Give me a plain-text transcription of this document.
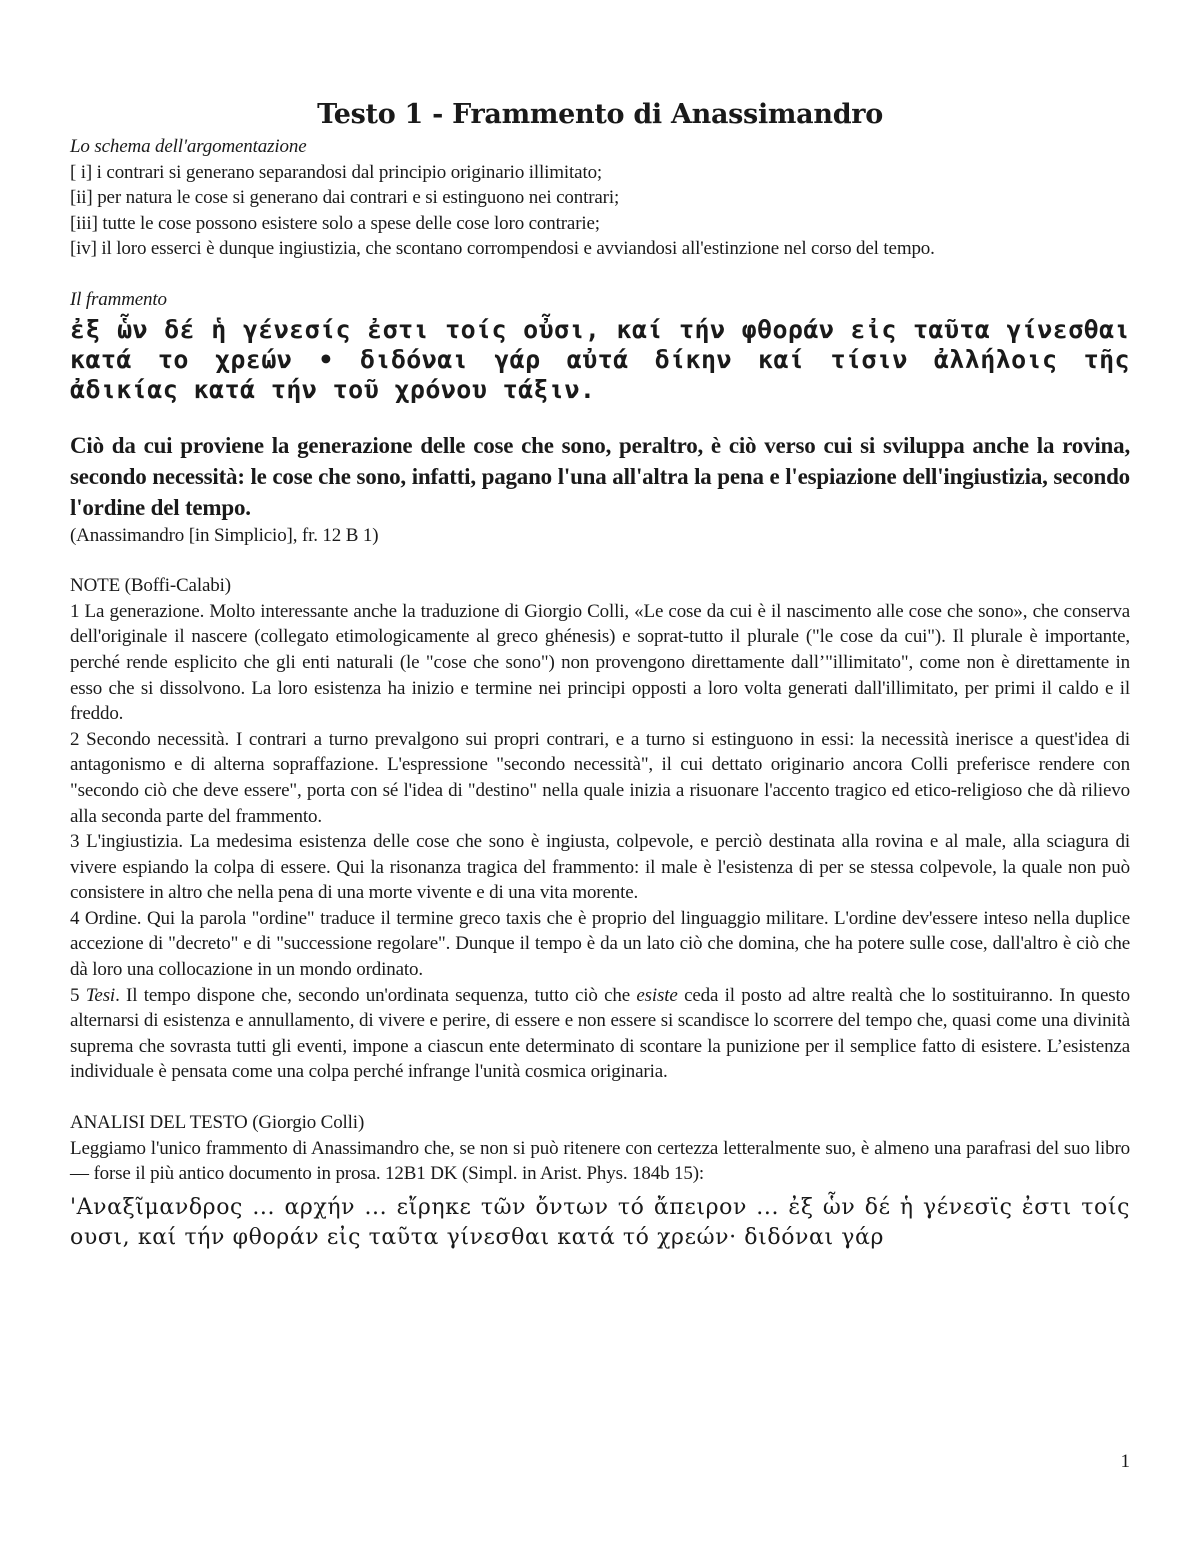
Testo 1 - Frammento di Anassimandro

Lo schema dell'argomentazione

[ i] i contrari si generano separandosi dal principio originario illimitato;

[ii] per natura le cose si generano dai contrari e si estinguono nei contrari;

[iii] tutte le cose possono esistere solo a spese delle cose loro contrarie;

[iv] il loro esserci è dunque ingiustizia, che scontano corrompendosi e avviandosi all'estinzione nel corso del tempo.

Il frammento

ἐξ ὧν δέ ἡ γένεσίς ἐστι τοίς οὖσι, καί τήν φθοράν εἰς ταῦτα γίνεσθαι κατά το χρεών • διδόναι γάρ αὐτά δίκην καί τίσιν ἀλλήλοις τῆς ἀδικίας κατά τήν τοῦ χρόνου τάξιν.

Ciò da cui proviene la generazione delle cose che sono, peraltro, è ciò verso cui si sviluppa anche la rovina, secondo necessità: le cose che sono, infatti, pagano l'una all'altra la pena e l'espiazione dell'ingiustizia, secondo l'ordine del tempo.

(Anassimandro [in Simplicio], fr. 12 B 1)

NOTE (Boffi-Calabi)

1 La generazione. Molto interessante anche la traduzione di Giorgio Colli, «Le cose da cui è il nascimento alle cose che sono», che conserva dell'originale il nascere (collegato etimologicamente al greco ghénesis) e soprat-tutto il plurale ("le cose da cui"). Il plurale è importante, perché rende esplicito che gli enti naturali (le "cose che sono") non provengono direttamente dall’"illimitato", come non è direttamente in esso che si dissolvono. La loro esistenza ha inizio e termine nei principi opposti a loro volta generati dall'illimitato, per primi il caldo e il freddo.

2 Secondo necessità. I contrari a turno prevalgono sui propri contrari, e a turno si estinguono in essi: la necessità inerisce a quest'idea di antagonismo e di alterna sopraffazione. L'espressione "secondo necessità", il cui dettato originario ancora Colli preferisce rendere con "secondo ciò che deve essere", porta con sé l'idea di "destino" nella quale inizia a risuonare l'accento tragico ed etico-religioso che dà rilievo alla seconda parte del frammento.

3 L'ingiustizia. La medesima esistenza delle cose che sono è ingiusta, colpevole, e perciò destinata alla rovina e al male, alla sciagura di vivere espiando la colpa di essere. Qui la risonanza tragica del frammento: il male è l'esistenza di per se stessa colpevole, la quale non può consistere in altro che nella pena di una morte vivente e di una vita morente.

4 Ordine. Qui la parola "ordine" traduce il termine greco taxis che è proprio del linguaggio militare. L'ordine dev'essere inteso nella duplice accezione di "decreto" e di "successione regolare". Dunque il tempo è da un lato ciò che domina, che ha potere sulle cose, dall'altro è ciò che dà loro una collocazione in un mondo ordinato.

5 Tesi. Il tempo dispone che, secondo un'ordinata sequenza, tutto ciò che esiste ceda il posto ad altre realtà che lo sostituiranno. In questo alternarsi di esistenza e annullamento, di vivere e perire, di essere e non essere si scandisce lo scorrere del tempo che, quasi come una divinità suprema che sovrasta tutti gli eventi, impone a ciascun ente determinato di scontare la punizione per il semplice fatto di esistere. L’esistenza individuale è pensata come una colpa perché infrange l'unità cosmica originaria.

ANALISI DEL TESTO (Giorgio Colli)

Leggiamo l'unico frammento di Anassimandro che, se non si può ritenere con certezza letteralmente suo, è almeno una parafrasi del suo libro — forse il più antico documento in prosa. 12B1 DK (Simpl. in Arist. Phys. 184b 15):

'Αναξῖμανδρος ... αρχήν ... εἴρηκε τῶν ὄντων τό ἄπειρον ... ἐξ ὧν δέ ἡ γένεσϊς ἐστι τοίς ουσι, καί τήν φθοράν εἰς ταῦτα γίνεσθαι κατά τό χρεών· διδόναι γάρ

1
